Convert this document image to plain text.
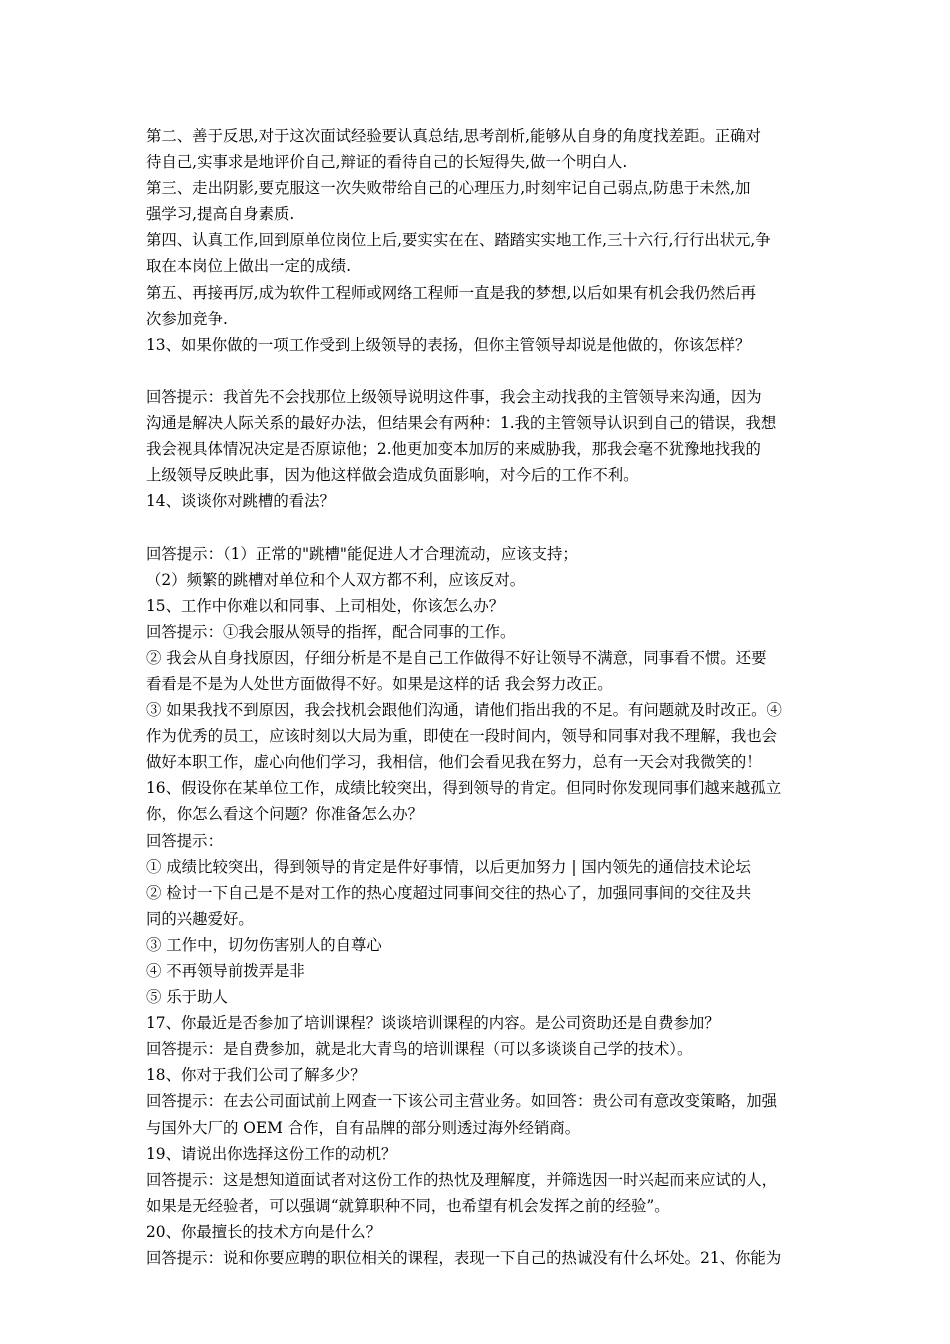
第二、善于反思,对于这次面试经验要认真总结,思考剖析,能够从自身的角度找差距。正确对
待自己,实事求是地评价自己,辩证的看待自己的长短得失,做一个明白人.
第三、走出阴影,要克服这一次失败带给自己的心理压力,时刻牢记自己弱点,防患于未然,加
强学习,提高自身素质.
第四、认真工作,回到原单位岗位上后,要实实在在、踏踏实实地工作,三十六行,行行出状元,争
取在本岗位上做出一定的成绩.
第五、再接再厉,成为软件工程师或网络工程师一直是我的梦想,以后如果有机会我仍然后再
次参加竞争.
13、如果你做的一项工作受到上级领导的表扬，但你主管领导却说是他做的，你该怎样？
回答提示：我首先不会找那位上级领导说明这件事，我会主动找我的主管领导来沟通，因为
沟通是解决人际关系的最好办法，但结果会有两种：1.我的主管领导认识到自己的错误，我想
我会视具体情况决定是否原谅他；2.他更加变本加厉的来威胁我，那我会毫不犹豫地找我的
上级领导反映此事，因为他这样做会造成负面影响，对今后的工作不利。
14、谈谈你对跳槽的看法？
回答提示：（1）正常的"跳槽"能促进人才合理流动，应该支持；
（2）频繁的跳槽对单位和个人双方都不利，应该反对。
15、工作中你难以和同事、上司相处，你该怎么办？
回答提示：①我会服从领导的指挥，配合同事的工作。
② 我会从自身找原因，仔细分析是不是自己工作做得不好让领导不满意，同事看不惯。还要
看看是不是为人处世方面做得不好。如果是这样的话 我会努力改正。
③ 如果我找不到原因，我会找机会跟他们沟通，请他们指出我的不足。有问题就及时改正。④
作为优秀的员工，应该时刻以大局为重，即使在一段时间内，领导和同事对我不理解，我也会
做好本职工作，虚心向他们学习，我相信，他们会看见我在努力，总有一天会对我微笑的！
16、假设你在某单位工作，成绩比较突出，得到领导的肯定。但同时你发现同事们越来越孤立
你，你怎么看这个问题？你准备怎么办？
回答提示：
① 成绩比较突出，得到领导的肯定是件好事情，以后更加努力 | 国内领先的通信技术论坛
② 检讨一下自己是不是对工作的热心度超过同事间交往的热心了，加强同事间的交往及共
同的兴趣爱好。
③ 工作中，切勿伤害别人的自尊心
④ 不再领导前拨弄是非
⑤ 乐于助人
17、你最近是否参加了培训课程？谈谈培训课程的内容。是公司资助还是自费参加？
回答提示：是自费参加，就是北大青鸟的培训课程（可以多谈谈自己学的技术）。
18、你对于我们公司了解多少？
回答提示：在去公司面试前上网查一下该公司主营业务。如回答：贵公司有意改变策略，加强
与国外大厂的 OEM 合作，自有品牌的部分则透过海外经销商。
19、请说出你选择这份工作的动机？
回答提示：这是想知道面试者对这份工作的热忱及理解度，并筛选因一时兴起而来应试的人，
如果是无经验者，可以强调“就算职种不同，也希望有机会发挥之前的经验”。
20、你最擅长的技术方向是什么？
回答提示：说和你要应聘的职位相关的课程，表现一下自己的热诚没有什么坏处。21、你能为
